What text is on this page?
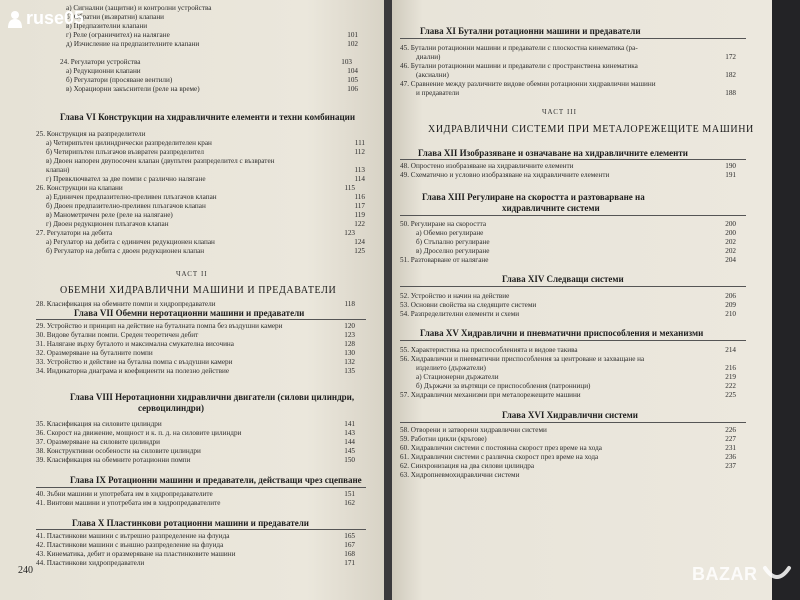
а) Сигнални (защитни) и контролни устройства
б) Обратни (възвратни) клапани
в) Предпазителни клапани
г) Реле (ограничител) на налягане	101
д) Изчисление на предпазителните клапани	102
24. Регулатори устройства	103
а) Редукционни клапани	104
б) Регулатори (просяване вентили)	105
в) Хорациорни закъснители (реле на време)	106
Глава VI Конструкции на хидравличните елементи и техни комбинации
25. Конструкция на разпределители
а) Четирипътен цилиндрически разпределителен кран	111
б) Четирипътен плъзгачов възвратен разпределител	112
в) Двоен напорен двупосочен клапан (двупътен разпределител с възвратен
клапан)	113
г) Превключвател за две помпи с различно налягане	114
26. Конструкции на клапани	115
а) Единичен предпазително-преливен плъзгачов клапан	116
б) Двоен предпазително-преливен плъзгачов клапан	117
в) Манометричен реле (реле на налягане)	119
г) Двоен редукционен плъзгачов клапан	122
27. Регулатори на дебита	123
а) Регулатор на дебита с единичен редукционен клапан	124
б) Регулатор на дебита с двоен редукционен клапан	125
ЧАСТ II
ОБЕМНИ ХИДРАВЛИЧНИ МАШИНИ И ПРЕДАВАТЕЛИ
28. Класификация на обемните помпи и хидропредаватели	118
Глава VII Обемни неротационни машини и предаватели
29. Устройство и принцип на действие на буталната помпа без въздушни камери	120
30. Видове бутални помпи. Среден теоретичен дебит	123
31. Налягане върху буталото и максимална смукателна височина	128
32. Оразмеряване на буталните помпи	130
33. Устройство и действие на бутална помпа с въздушни камери	132
34. Индикаторна диаграма и коефициенти на полезно действие	135
Глава VIII Неротационни хидравлични двигатели (силови цилиндри,
сервоцилиндри)
35. Класификация на силовите цилиндри	141
36. Скорост на движение, мощност и к. п. д. на силовите цилиндри	143
37. Оразмеряване на силовите цилиндри	144
38. Конструктивни особености на силовите цилиндри	145
39. Класификация на обемните ротационни помпи	150
Глава IX Ротационни машини и предаватели, действащи чрез сцепване
40. Зъбни машини и употребата им в хидропредавателите	151
41. Винтови машини и употребата им в хидропредавателите	162
Глава X Пластинкови ротационни машини и предаватели
41. Пластинкови машини с вътрешно разпределение на флуида	165
42. Пластинкови машини с външно разпределение на флуида	167
43. Кинематика, дебит и оразмеряване на пластинковите машини	168
44. Пластинкови хидропредаватели	171
240
Глава XI Бутални ротационни машини и предаватели
45. Бутални ротационни машини и предаватели с плоскостна кинематика (ра-
диални)	172
46. Бутални ротационни машини и предаватели с пространствена кинематика
(аксиални)	182
47. Сравнение между различните видове обемни ротационни хидравлични машини
и предаватели	188
ЧАСТ III
ХИДРАВЛИЧНИ СИСТЕМИ ПРИ МЕТАЛОРЕЖЕЩИТЕ МАШИНИ
Глава XII Изобразяване и означаване на хидравличните елементи
48. Опростено изобразяване на хидравличните елементи	190
49. Схематично и условно изобразяване на хидравличните елементи	191
Глава XIII Регулиране на скоростта и разтоварване на
хидравличните системи
50. Регулиране на скоростта	200
а) Обемно регулиране	200
б) Стъпално регулиране	202
в) Дроселно регулиране	202
51. Разтоварване от налягане	204
Глава XIV Следващи системи
52. Устройство и начин на действие	206
53. Основни свойства на следящите системи	209
54. Разпределителни елементи и схеми	210
Глава XV Хидравлични и пневматични приспособления и механизми
55. Характеристика на приспособленията и видове такива	214
56. Хидравлични и пневматични приспособления за центроване и захващане на
изделието (държатели)	216
а) Стационерни държатели	219
б) Държачи за въртящи се приспособления (патронници)	222
57. Хидравлични механизми при металорежещите машини	225
Глава XVI Хидравлични системи
58. Отворени и затворени хидравлични системи	226
59. Работни цикли (кръгове)	227
60. Хидравлични системи с постоянна скорост през време на хода	231
61. Хидравлични системи с различна скорост през време на хода	236
62. Синхронизация на два силови цилиндра	237
63. Хидропневмохидравлични системи
ruse05
BAZAR
